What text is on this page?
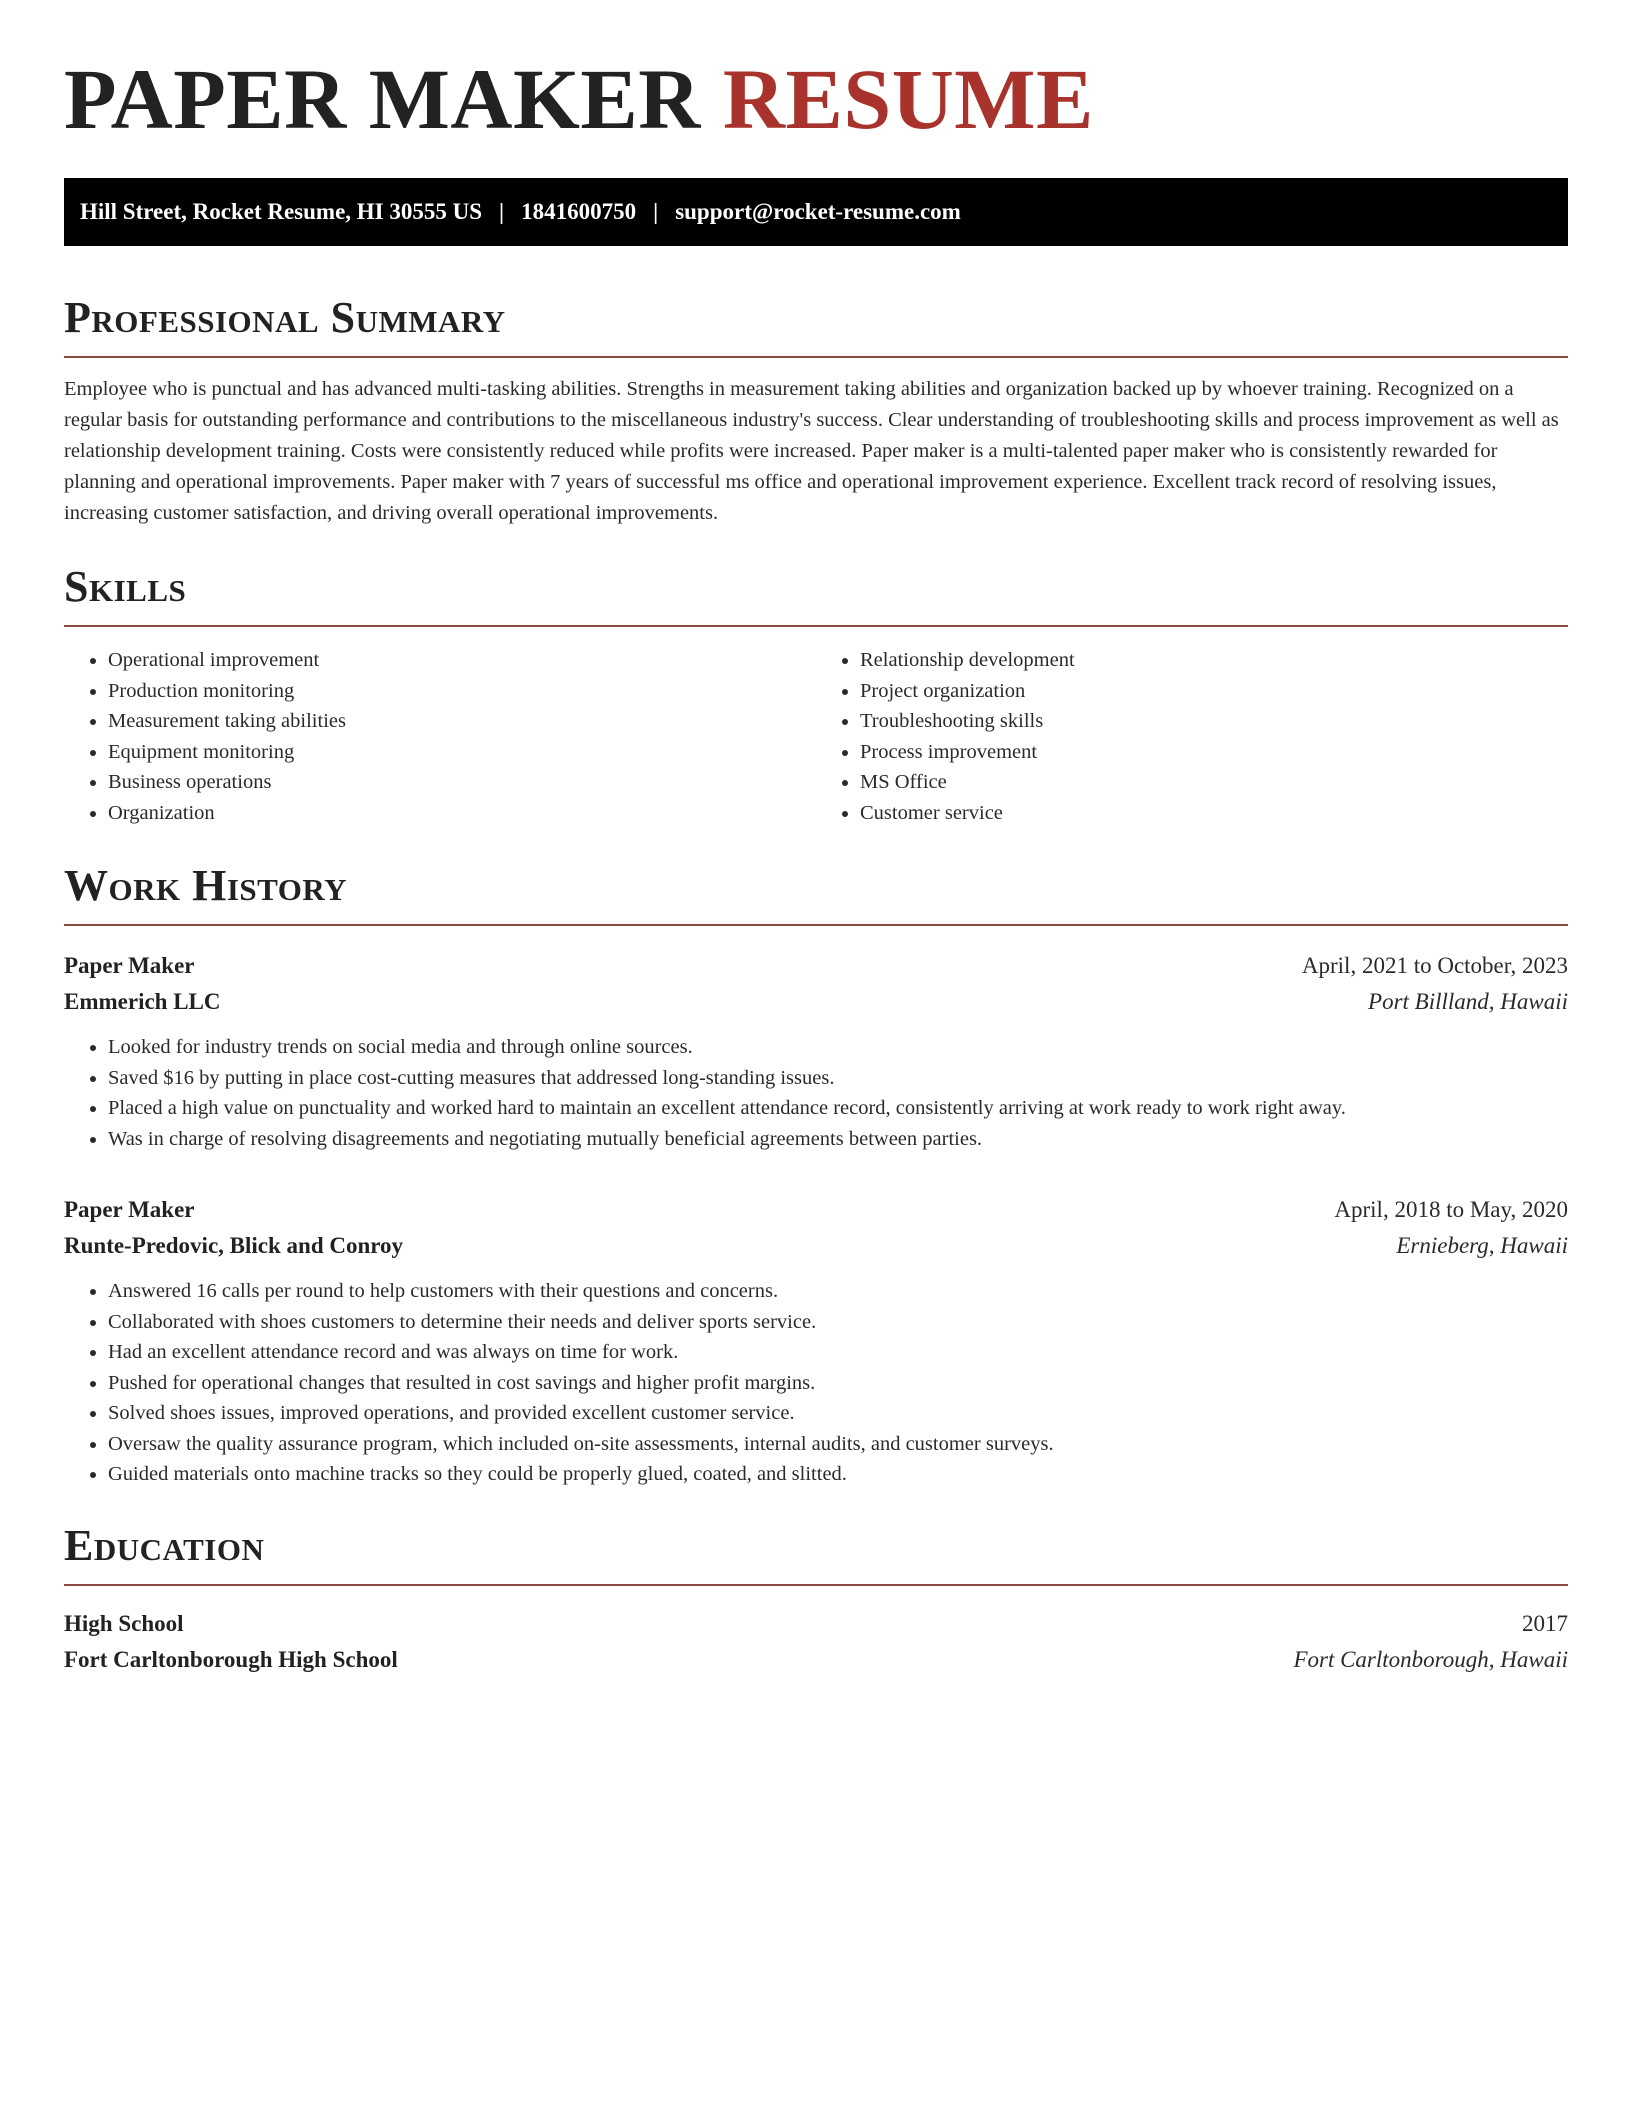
PAPER MAKER RESUME
Hill Street, Rocket Resume, HI 30555 US | 1841600750 | support@rocket-resume.com
Professional Summary

Employee who is punctual and has advanced multi-tasking abilities. Strengths in measurement taking abilities and organization backed up by whoever training. Recognized on a regular basis for outstanding performance and contributions to the miscellaneous industry's success. Clear understanding of troubleshooting skills and process improvement as well as relationship development training. Costs were consistently reduced while profits were increased. Paper maker is a multi-talented paper maker who is consistently rewarded for planning and operational improvements. Paper maker with 7 years of successful ms office and operational improvement experience. Excellent track record of resolving issues, increasing customer satisfaction, and driving overall operational improvements.

Skills
• Operational improvement
• Production monitoring
• Measurement taking abilities
• Equipment monitoring
• Business operations
• Organization
• Relationship development
• Project organization
• Troubleshooting skills
• Process improvement
• MS Office
• Customer service
Work History
Paper Maker	April, 2021 to October, 2023
Emmerich LLC	Port Billland, Hawaii
• Looked for industry trends on social media and through online sources.
• Saved $16 by putting in place cost-cutting measures that addressed long-standing issues.
• Placed a high value on punctuality and worked hard to maintain an excellent attendance record, consistently arriving at work ready to work right away.
• Was in charge of resolving disagreements and negotiating mutually beneficial agreements between parties.
Paper Maker	April, 2018 to May, 2020
Runte-Predovic, Blick and Conroy	Ernieberg, Hawaii
• Answered 16 calls per round to help customers with their questions and concerns.
• Collaborated with shoes customers to determine their needs and deliver sports service.
• Had an excellent attendance record and was always on time for work.
• Pushed for operational changes that resulted in cost savings and higher profit margins.
• Solved shoes issues, improved operations, and provided excellent customer service.
• Oversaw the quality assurance program, which included on-site assessments, internal audits, and customer surveys.
• Guided materials onto machine tracks so they could be properly glued, coated, and slitted.
Education
High School	2017
Fort Carltonborough High School	Fort Carltonborough, Hawaii
